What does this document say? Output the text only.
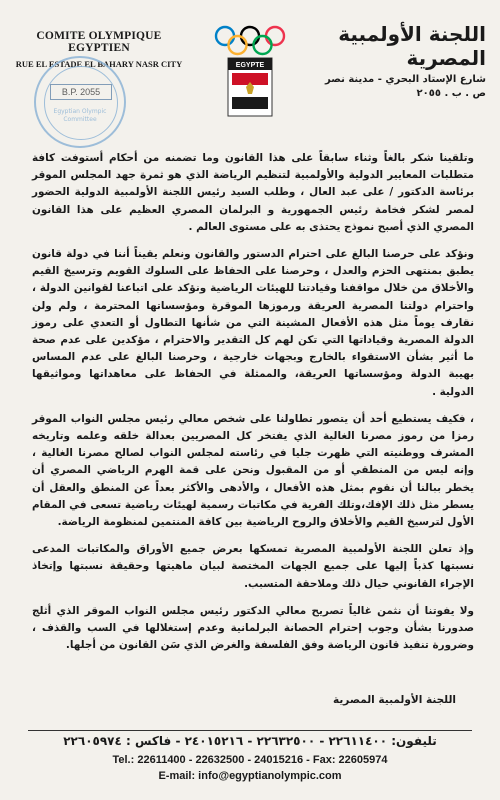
COMITE OLYMPIQUE EGYPTIEN
RUE EL ESTADE EL BAHARY NASR CITY
B.P. 2055
Egyptian Olympic Committee
EGYPTE
اللجنة الأولمبية المصرية
شارع الإستاد البحري - مدينة نصر
ص . ب . ٢٠٥٥

وتلقينا شكر بالغاً وثناء سابقاً على هذا القانون وما تضمنه من أحكام أستوفت كافة متطلبات المعايير الدولية والأولمبية لتنظيم الرياضة الذي هو ثمرة جهد المجلس الموقر برئاسة الدكتور / على عبد العال ، وطلب السيد رئيس اللجنة الأولمبية الدولية الحضور لمصر لشكر فخامة رئيس الجمهورية و البرلمان المصري العظيم على هذا القانون المصري الذي أصبح نموذج يحتذى به على مستوى العالم .

ونؤكد على حرصنا البالغ على احترام الدستور والقانون ونعلم يقيناً أننا في دولة قانون يطبق بمنتهى الحزم والعدل ، وحرصنا على الحفاظ على السلوك القويم وترسيخ القيم والأخلاق من خلال مواقفنا وقيادتنا للهيئات الرياضية ونؤكد على اتباعنا لقوانين الدولة ، واحترام دولتنا المصرية العريقة ورموزها الموقرة ومؤسساتها المحترمة ، ولم ولن نقارف يوماً مثل هذه الأفعال المشينة التي من شأنها التطاول أو التعدي على رموز الدولة المصرية وقياداتها التي تكن لهم كل التقدير والاحترام ، مؤكدين على عدم صحة ما أثير بشأن الاستقواء بالخارج وبجهات خارجية ، وحرصنا البالغ على عدم المساس بهيبة الدولة ومؤسساتها العريقة، والممثلة في الحفاظ على معاهداتها ومواثيقها الدولية .

، فكيف يستطيع أحد أن يتصور تطاولنا على شخص معالي رئيس مجلس النواب الموقر رمزا من رموز مصرنا الغالية الذي يفتخر كل المصريين بعدالة خلقه وعلمه وتاريخه المشرف ووطنيته التي ظهرت جليا في رئاسته لمجلس النواب لصالح مصرنا الغالية ، وإنه ليس من المنطقي أو من المقبول ونحن على قمة الهرم الرياضي المصري أن يخطر ببالنا أن نقوم بمثل هذه الأفعال ، والأدهى والأكثر بعداً عن المنطق والعقل أن يسطر مثل ذلك الإفك،وتلك الفرية في مكاتبات رسمية لهيئات رياضية تسعى في المقام الأول لترسيخ القيم والأخلاق والروح الرياضية بين كافة المنتمين لمنظومة الرياضة.

وإذ تعلن اللجنة الأولمبية المصرية تمسكها بعرض جميع الأوراق والمكاتبات المدعى نسبتها كذباً إليها على جميع الجهات المختصة لبيان ماهيتها وحقيقة نسبتها وإتخاذ الإجراء القانوني حيال ذلك وملاحقة المتسبب.

ولا يفوتنا أن نثمن غالياً تصريح معالي الدكتور رئيس مجلس النواب الموقر الذي أثلج صدورنا بشأن وجوب إحترام الحصانة البرلمانية وعدم إستغلالها في السب والقذف ، وضرورة تنفيذ قانون الرياضة وفق الفلسفة والغرض الذي سَن القانون من أجلها.

اللجنة الأولمبية المصرية
تليفون: ٢٢٦١١٤٠٠ - ٢٢٦٣٢٥٠٠ - ٢٤٠١٥٢١٦ - فاكس : ٢٢٦٠٥٩٧٤
Tel.: 22611400 - 22632500 - 24015216 - Fax: 22605974
E-mail: info@egyptianolympic.com
